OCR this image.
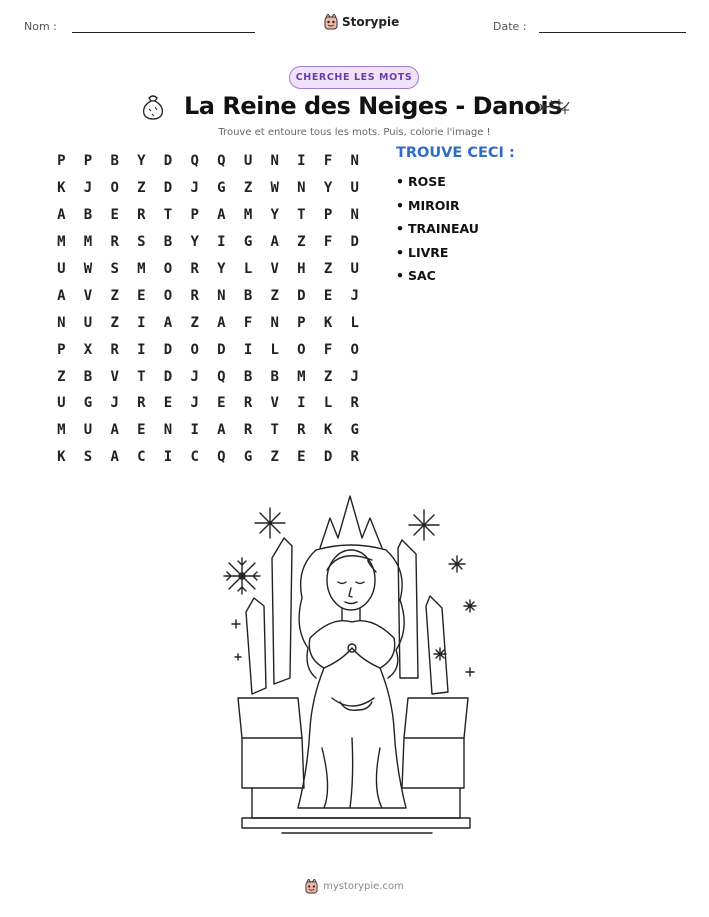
Nom :	Storypie	Date :
CHERCHE LES MOTS
La Reine des Neiges - Danois
Trouve et entoure tous les mots. Puis, colorie l'image !
P	P	B	Y	D	Q	Q	U	N	I	F	N
K	J	O	Z	D	J	G	Z	W	N	Y	U
A	B	E	R	T	P	A	M	Y	T	P	N
M	M	R	S	B	Y	I	G	A	Z	F	D
U	W	S	M	O	R	Y	L	V	H	Z	U
A	V	Z	E	O	R	N	B	Z	D	E	J
N	U	Z	I	A	Z	A	F	N	P	K	L
P	X	R	I	D	O	D	I	L	O	F	O
Z	B	V	T	D	J	Q	B	B	M	Z	J
U	G	J	R	E	J	E	R	V	I	L	R
M	U	A	E	N	I	A	R	T	R	K	G
K	S	A	C	I	C	Q	G	Z	E	D	R
TROUVE CECI :
• ROSE
• MIROIR
• TRAINEAU
• LIVRE
• SAC
mystorypie.com
